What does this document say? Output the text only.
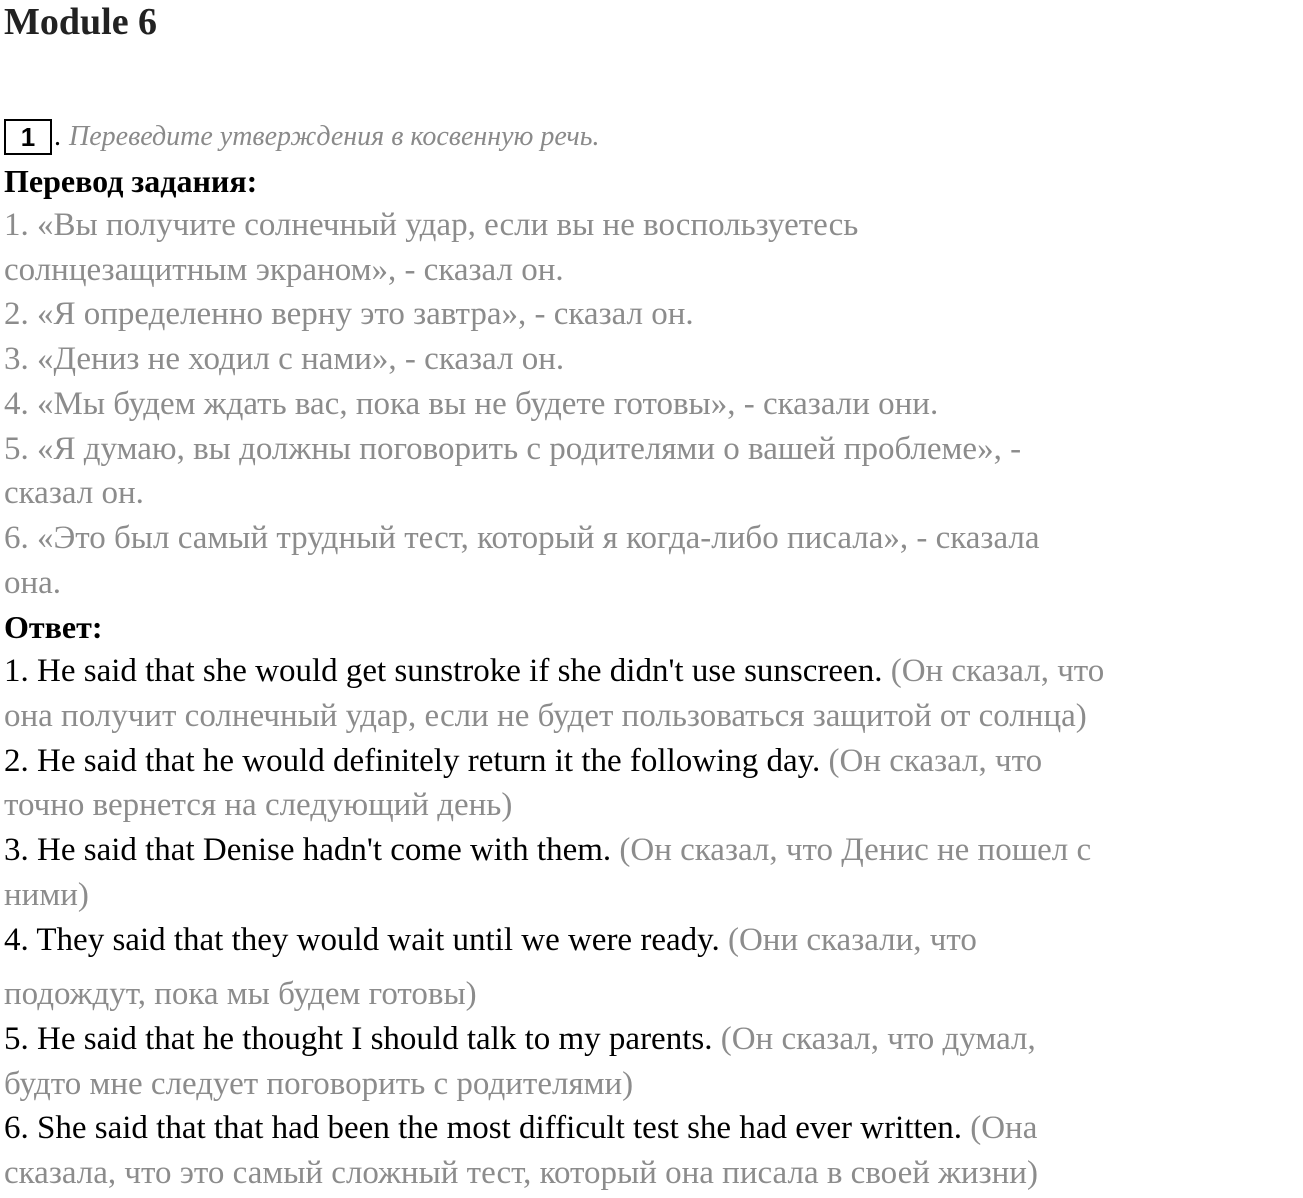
Module 6
1 . Переведите утверждения в косвенную речь.
Перевод задания:
1. «Вы получите солнечный удар, если вы не воспользуетесь
солнцезащитным экраном», - сказал он.
2. «Я определенно верну это завтра», - сказал он.
3. «Дениз не ходил с нами», - сказал он.
4. «Мы будем ждать вас, пока вы не будете готовы», - сказали они.
5. «Я думаю, вы должны поговорить с родителями о вашей проблеме», -
сказал он.
6. «Это был самый трудный тест, который я когда-либо писала», - сказала
она.
Ответ:
1. He said that she would get sunstroke if she didn't use sunscreen. (Он сказал, что
она получит солнечный удар, если не будет пользоваться защитой от солнца)
2. He said that he would definitely return it the following day. (Он сказал, что
точно вернется на следующий день)
3. He said that Denise hadn't come with them. (Он сказал, что Денис не пошел с
ними)
4. They said that they would wait until we were ready. (Они сказали, что
подождут, пока мы будем готовы)
5. He said that he thought I should talk to my parents. (Он сказал, что думал,
будто мне следует поговорить с родителями)
6. She said that that had been the most difficult test she had ever written. (Она
сказала, что это самый сложный тест, который она писала в своей жизни)
